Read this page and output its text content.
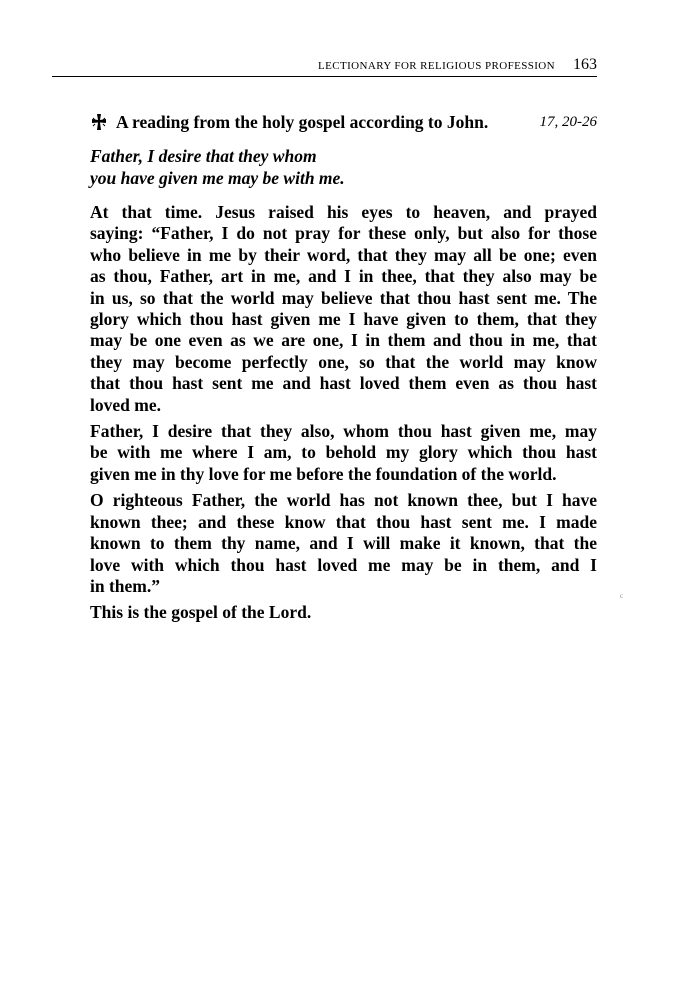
LECTIONARY FOR RELIGIOUS PROFESSION 163
A reading from the holy gospel according to John.	17, 20-26
Father, I desire that they whom
you have given me may be with me.
At that time. Jesus raised his eyes to heaven, and prayed
saying: “Father, I do not pray for these only, but also for those
who believe in me by their word, that they may all be one; even
as thou, Father, art in me, and I in thee, that they also may be
in us, so that the world may believe that thou hast sent me. The
glory which thou hast given me I have given to them, that they
may be one even as we are one, I in them and thou in me, that
they may become perfectly one, so that the world may know
that thou hast sent me and hast loved them even as thou hast
loved me.
Father, I desire that they also, whom thou hast given me, may
be with me where I am, to behold my glory which thou hast
given me in thy love for me before the foundation of the world.
O righteous Father, the world has not known thee, but I have
known thee; and these know that thou hast sent me. I made
known to them thy name, and I will make it known, that the
love with which thou hast loved me may be in them, and I
in them.”
This is the gospel of the Lord.
c
